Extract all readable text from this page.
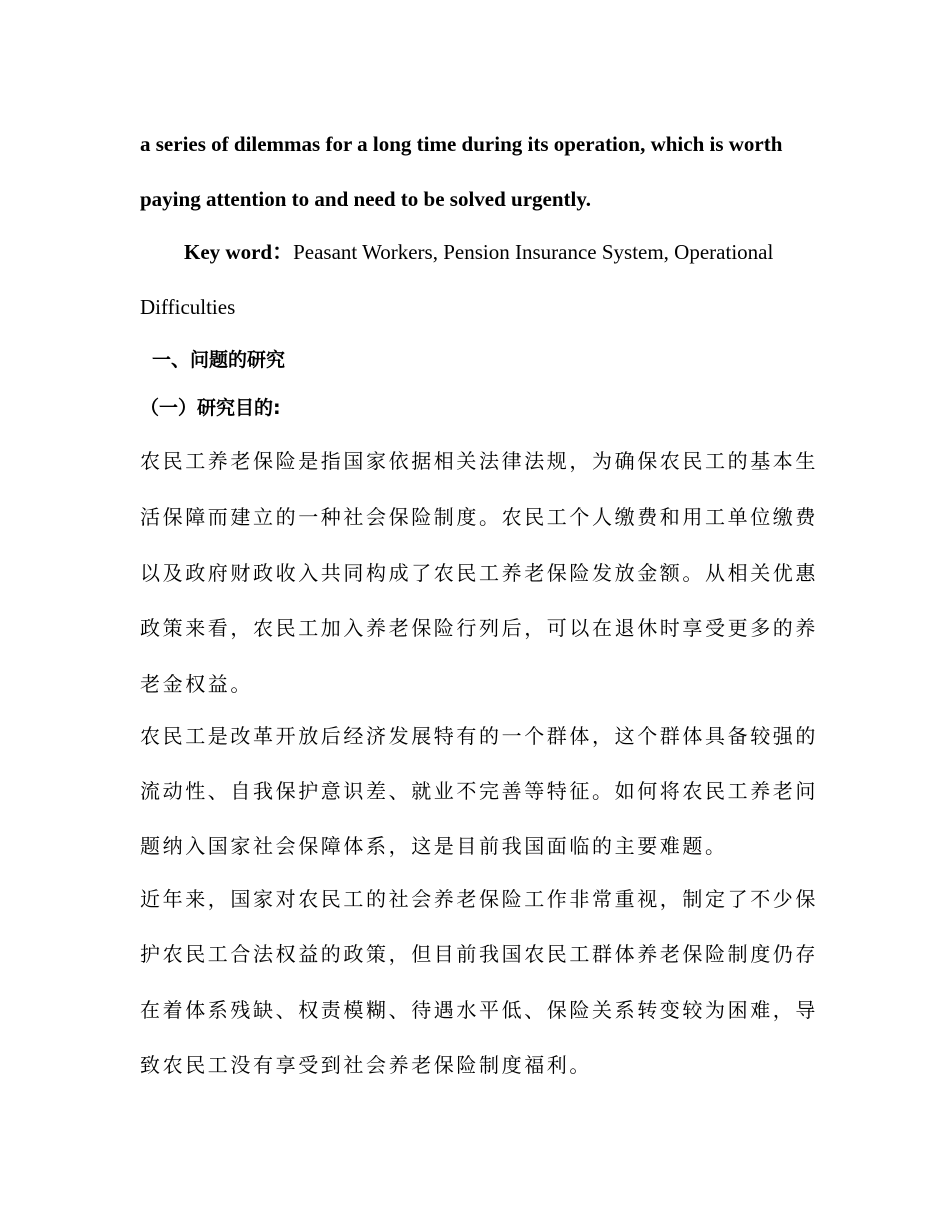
a series of dilemmas for a long time during its operation, which is worth
paying attention to and need to be solved urgently.
Key word：Peasant Workers, Pension Insurance System, Operational
Difficulties
一、问题的研究
（一）研究目的:
农民工养老保险是指国家依据相关法律法规，为确保农民工的基本生
活保障而建立的一种社会保险制度。农民工个人缴费和用工单位缴费
以及政府财政收入共同构成了农民工养老保险发放金额。从相关优惠
政策来看，农民工加入养老保险行列后，可以在退休时享受更多的养
老金权益。
农民工是改革开放后经济发展特有的一个群体，这个群体具备较强的
流动性、自我保护意识差、就业不完善等特征。如何将农民工养老问
题纳入国家社会保障体系，这是目前我国面临的主要难题。
近年来，国家对农民工的社会养老保险工作非常重视，制定了不少保
护农民工合法权益的政策，但目前我国农民工群体养老保险制度仍存
在着体系残缺、权责模糊、待遇水平低、保险关系转变较为困难，导
致农民工没有享受到社会养老保险制度福利。
